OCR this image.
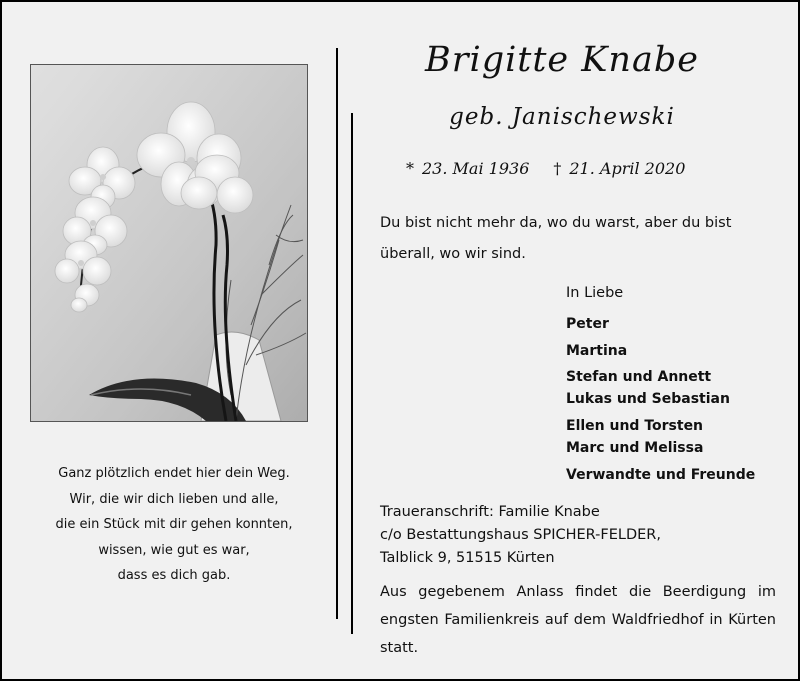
Ganz plötzlich endet hier dein Weg.
Wir, die wir dich lieben und alle,
die ein Stück mit dir gehen konnten,
wissen, wie gut es war,
dass es dich gab.
Brigitte Knabe
geb. Janischewski
* 23. Mai 1936 † 21. April 2020
Du bist nicht mehr da, wo du warst, aber du bist
überall, wo wir sind.
In Liebe
Peter
Martina
Stefan und Annett
Lukas und Sebastian
Ellen und Torsten
Marc und Melissa
Verwandte und Freunde
Traueranschrift: Familie Knabe
c/o Bestattungshaus SPICHER-FELDER,
Talblick 9, 51515 Kürten
Aus gegebenem Anlass findet die Beerdigung im engsten Familienkreis auf dem Waldfriedhof in Kürten statt.
